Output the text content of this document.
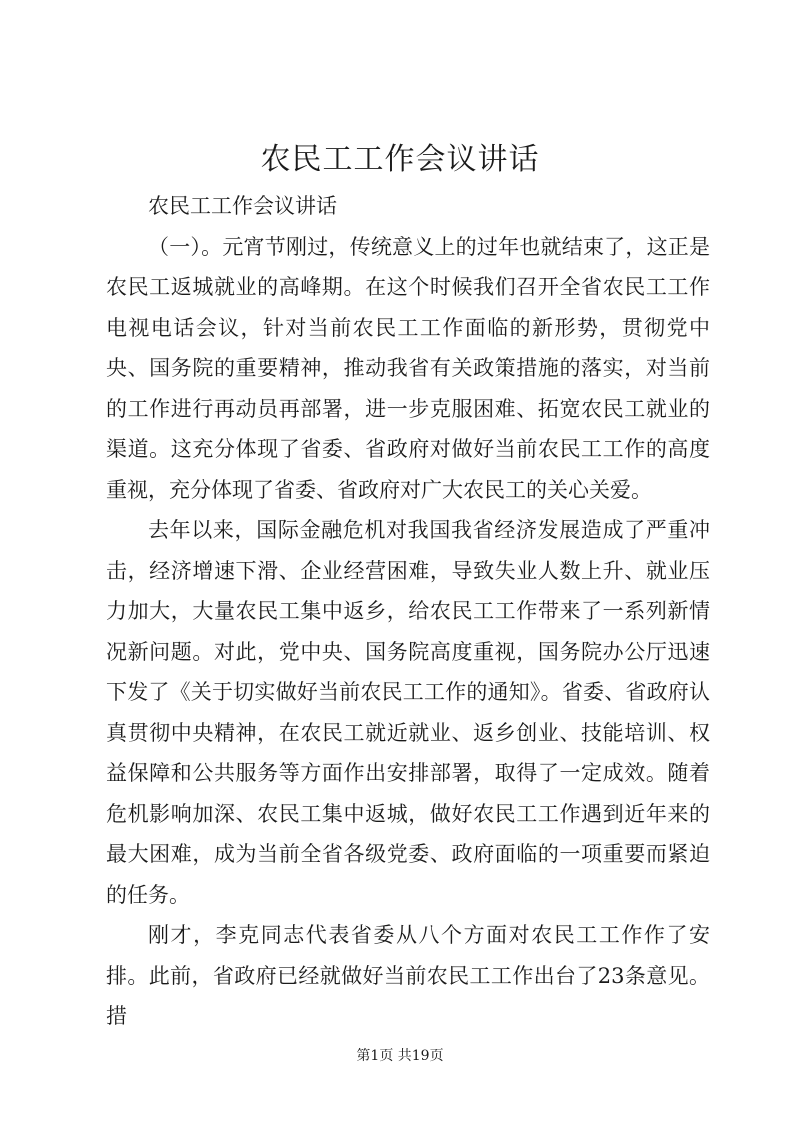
农民工工作会议讲话

农民工工作会议讲话

（一）。元宵节刚过，传统意义上的过年也就结束了，这正是农民工返城就业的高峰期。在这个时候我们召开全省农民工工作电视电话会议，针对当前农民工工作面临的新形势，贯彻党中央、国务院的重要精神，推动我省有关政策措施的落实，对当前的工作进行再动员再部署，进一步克服困难、拓宽农民工就业的渠道。这充分体现了省委、省政府对做好当前农民工工作的高度重视，充分体现了省委、省政府对广大农民工的关心关爱。

去年以来，国际金融危机对我国我省经济发展造成了严重冲击，经济增速下滑、企业经营困难，导致失业人数上升、就业压力加大，大量农民工集中返乡，给农民工工作带来了一系列新情况新问题。对此，党中央、国务院高度重视，国务院办公厅迅速下发了《关于切实做好当前农民工工作的通知》。省委、省政府认真贯彻中央精神，在农民工就近就业、返乡创业、技能培训、权益保障和公共服务等方面作出安排部署，取得了一定成效。随着危机影响加深、农民工集中返城，做好农民工工作遇到近年来的最大困难，成为当前全省各级党委、政府面临的一项重要而紧迫的任务。

刚才，李克同志代表省委从八个方面对农民工工作作了安排。此前，省政府已经就做好当前农民工工作出台了23条意见。措

第1页 共19页
